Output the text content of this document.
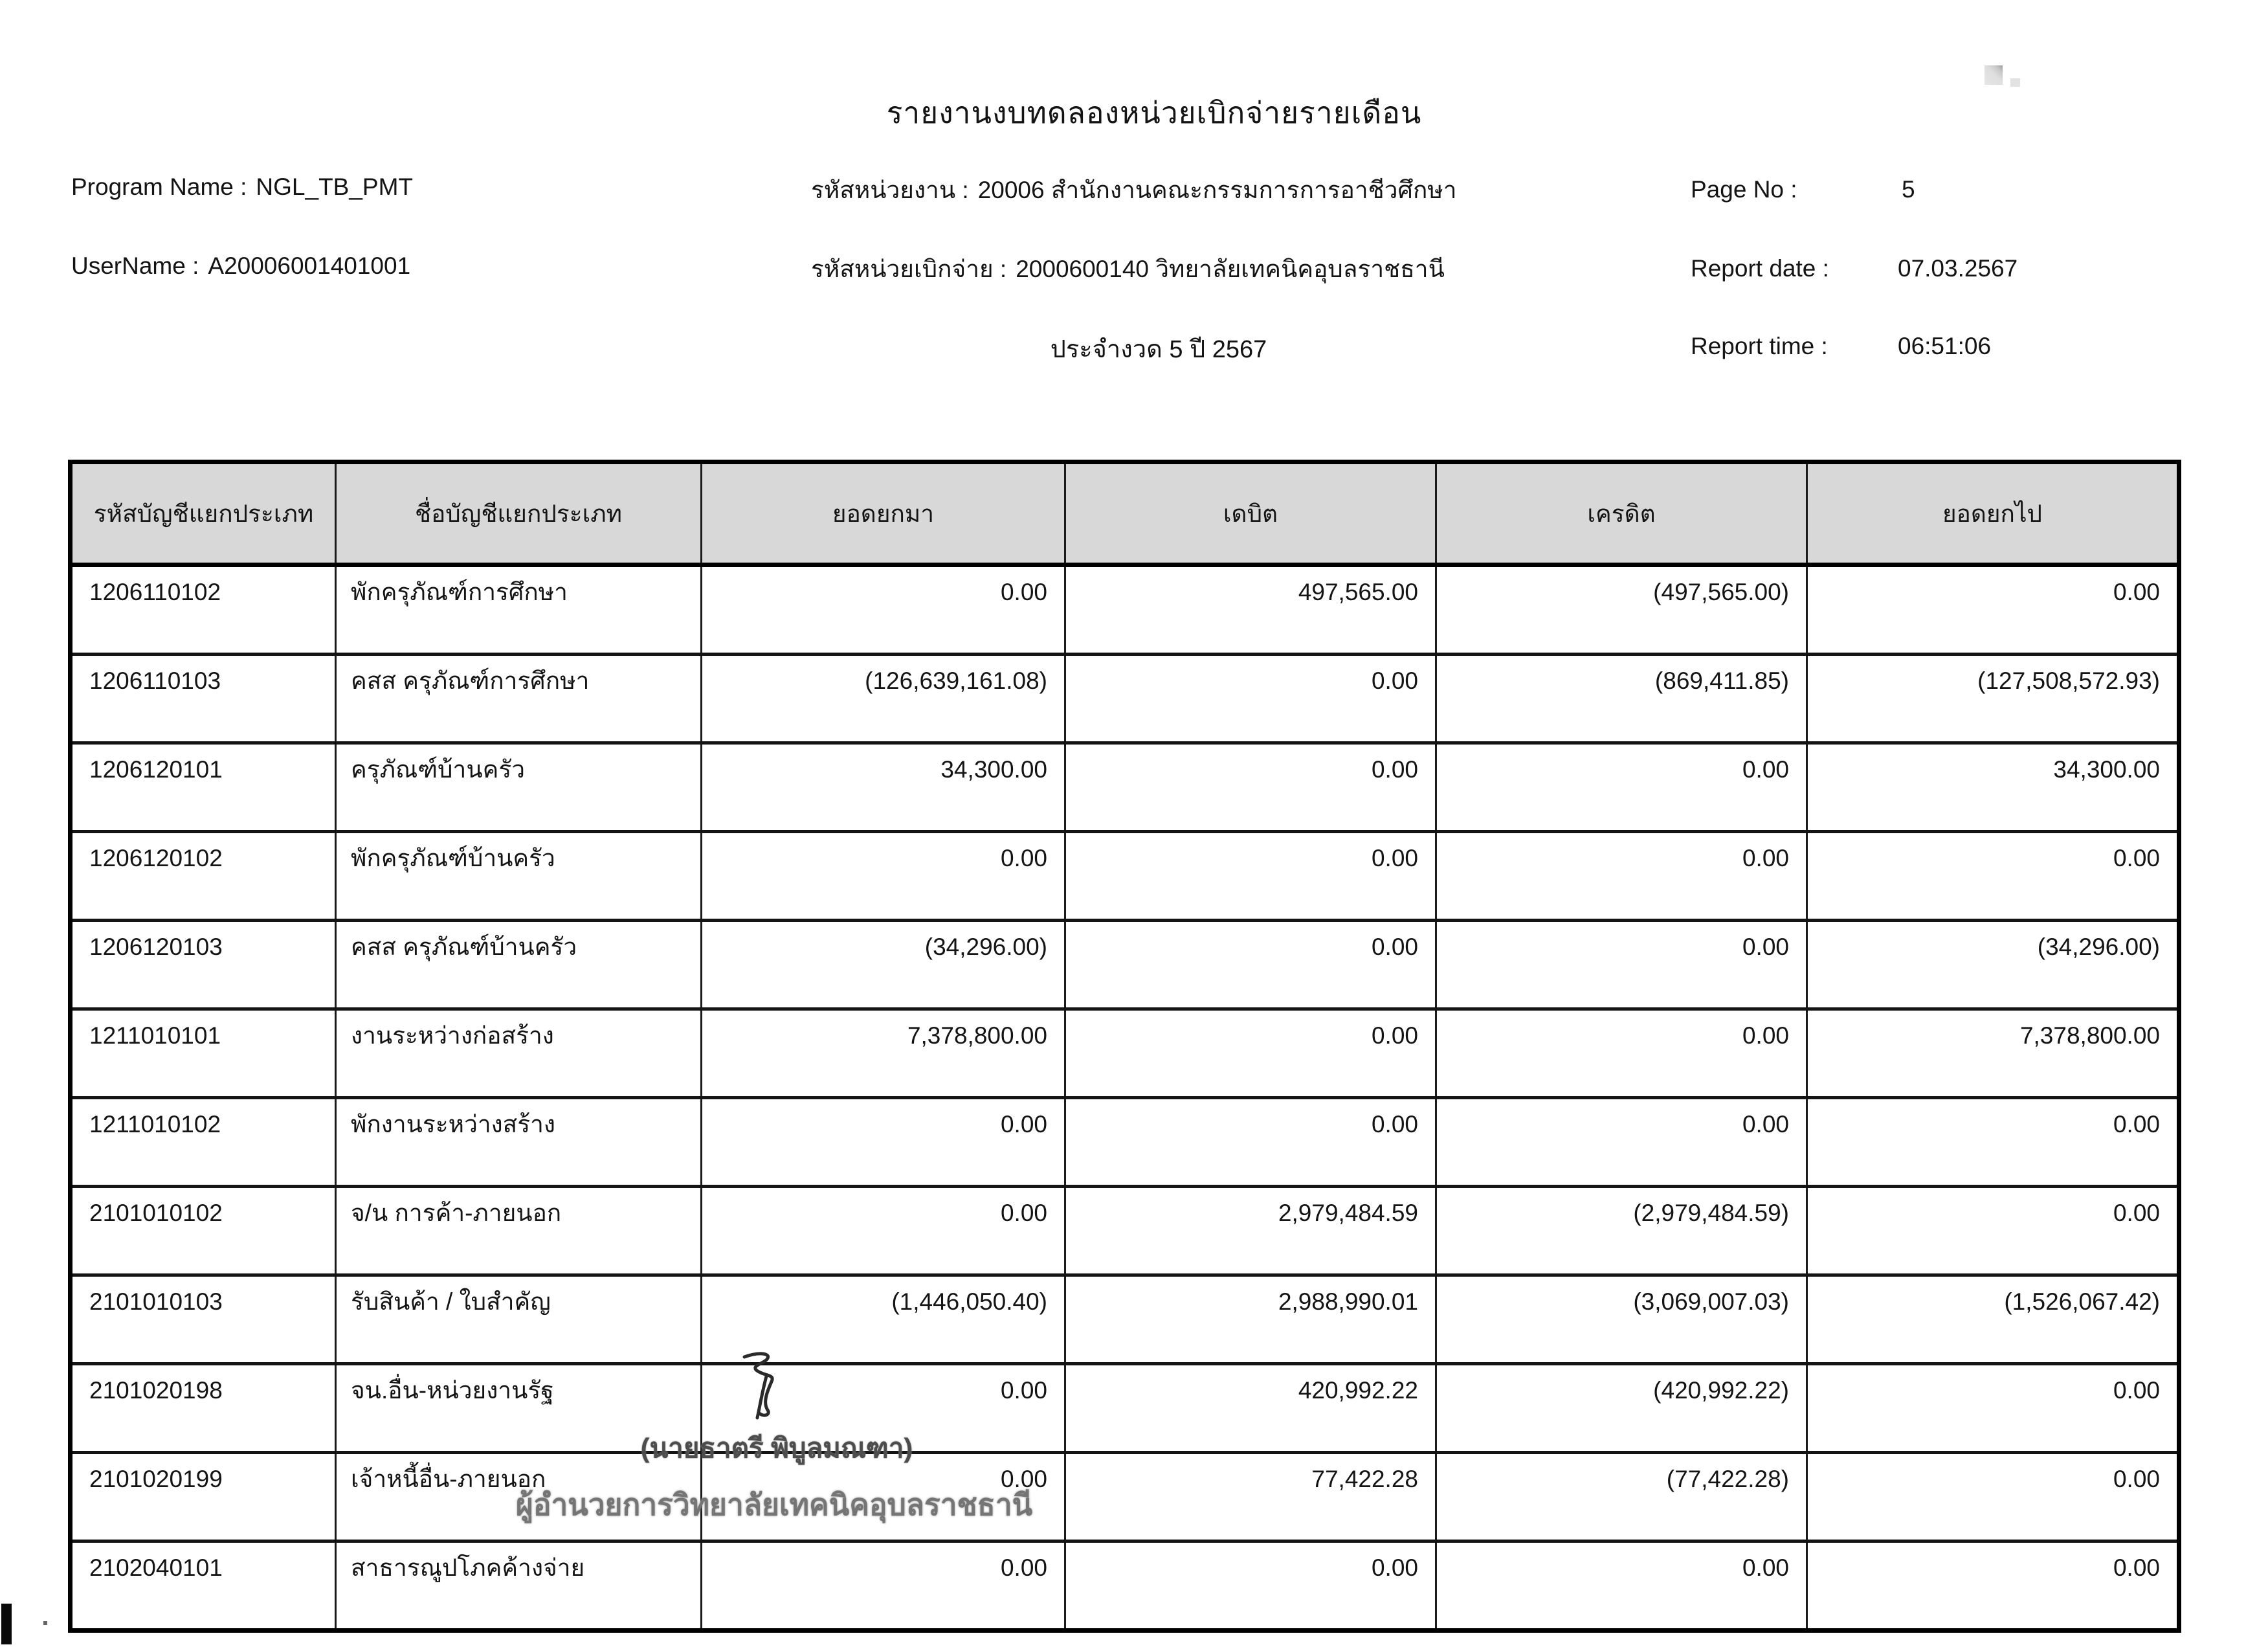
รายงานงบทดลองหน่วยเบิกจ่ายรายเดือน
Program Name : NGL_TB_PMT
UserName : A20006001401001
รหัสหน่วยงาน : 20006 สำนักงานคณะกรรมการการอาชีวศึกษา
รหัสหน่วยเบิกจ่าย : 2000600140 วิทยาลัยเทคนิคอุบลราชธานี
ประจำงวด 5 ปี 2567
Page No :	5
Report date :	07.03.2567
Report time :	06:51:06
รหัสบัญชีแยกประเภท	ชื่อบัญชีแยกประเภท	ยอดยกมา	เดบิต	เครดิต	ยอดยกไป
1206110102	พักครุภัณฑ์การศึกษา	0.00	497,565.00	(497,565.00)	0.00
1206110103	คสส ครุภัณฑ์การศึกษา	(126,639,161.08)	0.00	(869,411.85)	(127,508,572.93)
1206120101	ครุภัณฑ์บ้านครัว	34,300.00	0.00	0.00	34,300.00
1206120102	พักครุภัณฑ์บ้านครัว	0.00	0.00	0.00	0.00
1206120103	คสส ครุภัณฑ์บ้านครัว	(34,296.00)	0.00	0.00	(34,296.00)
1211010101	งานระหว่างก่อสร้าง	7,378,800.00	0.00	0.00	7,378,800.00
1211010102	พักงานระหว่างสร้าง	0.00	0.00	0.00	0.00
2101010102	จ/น การค้า-ภายนอก	0.00	2,979,484.59	(2,979,484.59)	0.00
2101010103	รับสินค้า / ใบสำคัญ	(1,446,050.40)	2,988,990.01	(3,069,007.03)	(1,526,067.42)
2101020198	จน.อื่น-หน่วยงานรัฐ	0.00	420,992.22	(420,992.22)	0.00
2101020199	เจ้าหนี้อื่น-ภายนอก	0.00	77,422.28	(77,422.28)	0.00
2102040101	สาธารณูปโภคค้างจ่าย	0.00	0.00	0.00	0.00
(นายธาตรี พิบูลมณฑา)
ผู้อำนวยการวิทยาลัยเทคนิคอุบลราชธานี
